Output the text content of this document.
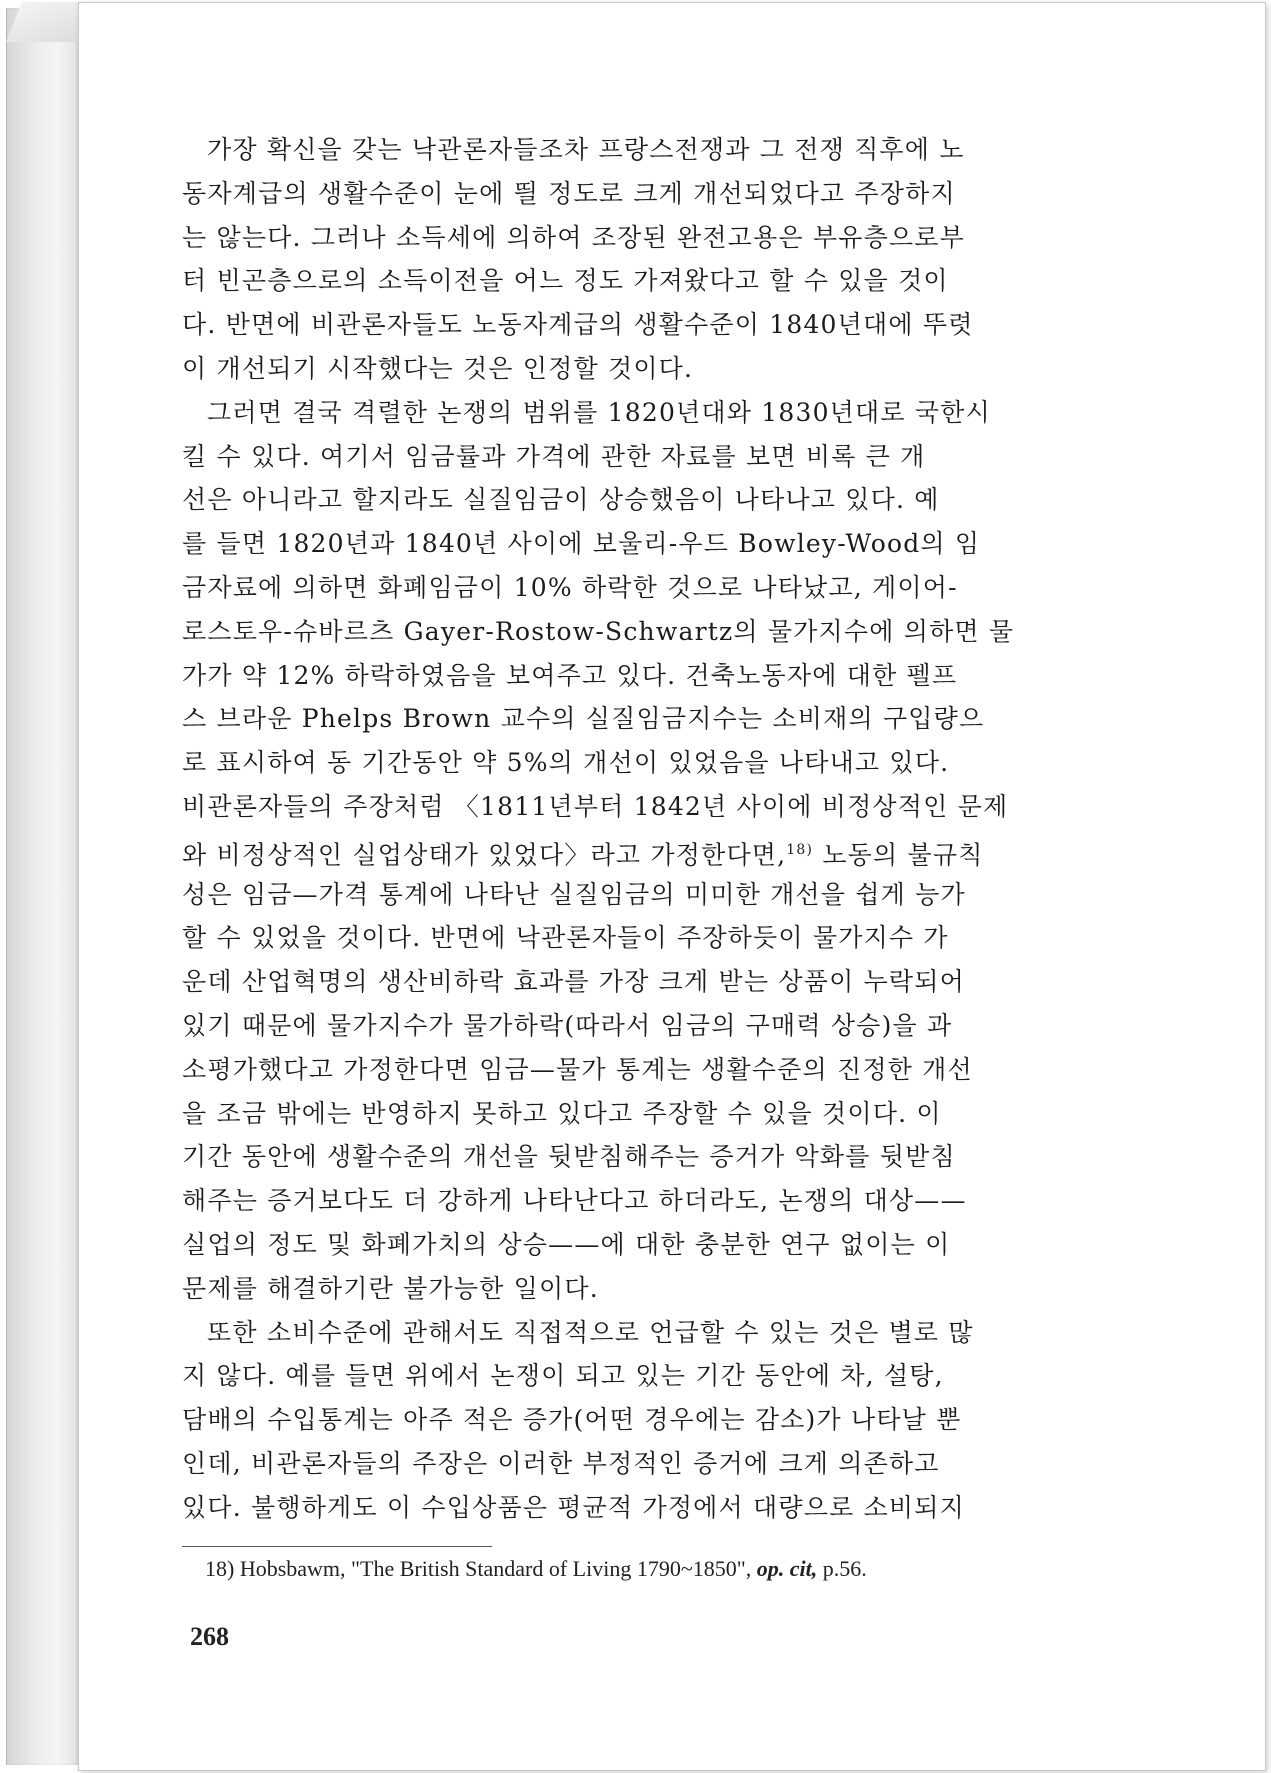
가장 확신을 갖는 낙관론자들조차 프랑스전쟁과 그 전쟁 직후에 노
동자계급의 생활수준이 눈에 띌 정도로 크게 개선되었다고 주장하지
는 않는다. 그러나 소득세에 의하여 조장된 완전고용은 부유층으로부
터 빈곤층으로의 소득이전을 어느 정도 가져왔다고 할 수 있을 것이
다. 반면에 비관론자들도 노동자계급의 생활수준이 1840년대에 뚜렷
이 개선되기 시작했다는 것은 인정할 것이다.
그러면 결국 격렬한 논쟁의 범위를 1820년대와 1830년대로 국한시
킬 수 있다. 여기서 임금률과 가격에 관한 자료를 보면 비록 큰 개
선은 아니라고 할지라도 실질임금이 상승했음이 나타나고 있다. 예
를 들면 1820년과 1840년 사이에 보울리-우드 Bowley-Wood의 임
금자료에 의하면 화폐임금이 10% 하락한 것으로 나타났고, 게이어-
로스토우-슈바르츠 Gayer-Rostow-Schwartz의 물가지수에 의하면 물
가가 약 12% 하락하였음을 보여주고 있다. 건축노동자에 대한 펠프
스 브라운 Phelps Brown 교수의 실질임금지수는 소비재의 구입량으
로 표시하여 동 기간동안 약 5%의 개선이 있었음을 나타내고 있다.
비관론자들의 주장처럼 〈1811년부터 1842년 사이에 비정상적인 문제
와 비정상적인 실업상태가 있었다〉라고 가정한다면,$^{18)}$ 노동의 불규칙
성은 임금—가격 통계에 나타난 실질임금의 미미한 개선을 쉽게 능가
할 수 있었을 것이다. 반면에 낙관론자들이 주장하듯이 물가지수 가
운데 산업혁명의 생산비하락 효과를 가장 크게 받는 상품이 누락되어
있기 때문에 물가지수가 물가하락(따라서 임금의 구매력 상승)을 과
소평가했다고 가정한다면 임금—물가 통계는 생활수준의 진정한 개선
을 조금 밖에는 반영하지 못하고 있다고 주장할 수 있을 것이다. 이
기간 동안에 생활수준의 개선을 뒷받침해주는 증거가 악화를 뒷받침
해주는 증거보다도 더 강하게 나타난다고 하더라도, 논쟁의 대상——
실업의 정도 및 화폐가치의 상승——에 대한 충분한 연구 없이는 이
문제를 해결하기란 불가능한 일이다.
또한 소비수준에 관해서도 직접적으로 언급할 수 있는 것은 별로 많
지 않다. 예를 들면 위에서 논쟁이 되고 있는 기간 동안에 차, 설탕,
담배의 수입통계는 아주 적은 증가(어떤 경우에는 감소)가 나타날 뿐
인데, 비관론자들의 주장은 이러한 부정적인 증거에 크게 의존하고
있다. 불행하게도 이 수입상품은 평균적 가정에서 대량으로 소비되지
18) Hobsbawm, "The British Standard of Living 1790~1850", op. cit, p.56.
268
